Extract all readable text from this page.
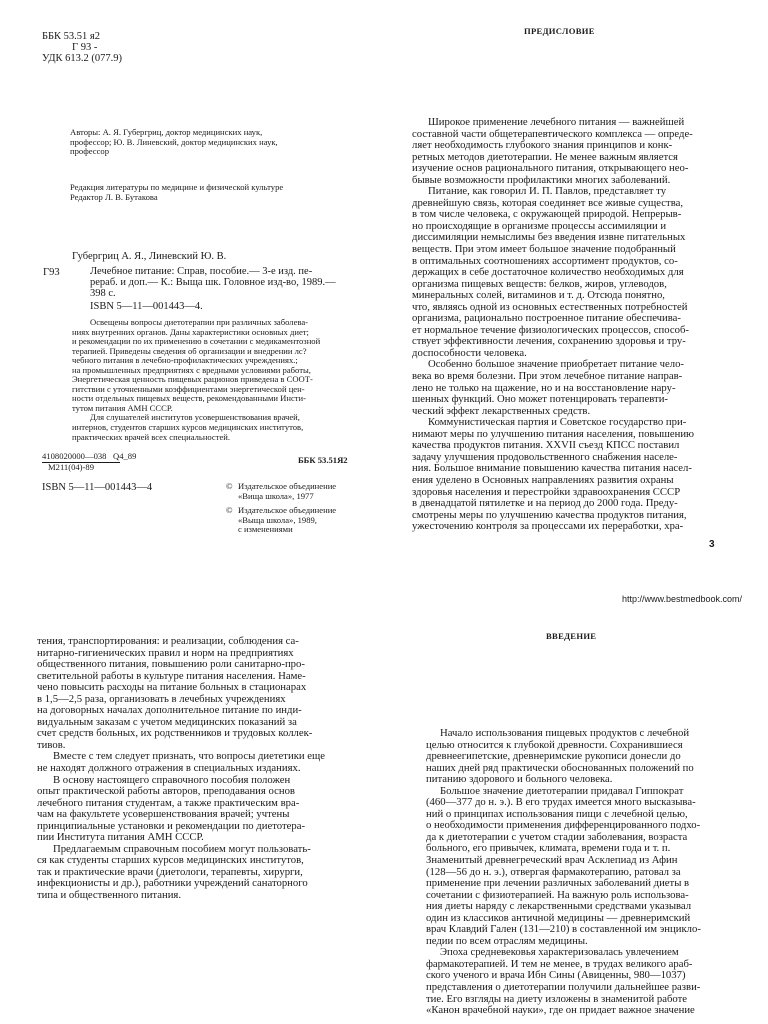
ББК 53.51 я2
Г 93 -
УДК 613.2 (077.9)
Авторы: А. Я. Губергриц, доктор медицинских наук,
профессор; Ю. В. Линевский, доктор медицинских наук,
профессор
Редакция литературы по медицине и физической культуре
Редактор Л. В. Бутакова
Губергриц А. Я., Линевский Ю. В.
Г93	Лечебное питание: Справ, пособие.— 3-е изд. пе-
рераб. и доп.— К.: Выща шк. Головное изд-во, 1989.—
398 с.
ISBN 5—11—001443—4.
Освещены вопросы диетотерапии при различных заболева-
ниях внутренних органов. Даны характеристики основных диет;
и рекомендации по их применению в сочетании с медикаментозной
терапией. Приведены сведения об организации и внедрении лс?
чебного питания в лечебно-профилактических учреждениях.;
на промышленных предприятиях с вредными условиями работы,
Энергетическая ценность пищевых рационов приведена в СООТ-
гитствии с уточненными коэффициентами энергетической цен-
ности отдельных пищевых веществ, рекомендованными Инсти-
тутом питания АМН СССР.
Для слушателей институтов усовершенствования врачей,
интернов, студентов старших курсов медицинских институтов,
практических врачей всех специальностей.
4108020000—038 Q4_89
М211(04)-89
ББК 53.51Я2
ISBN 5—11—001443—4	© Издательское объединение
«Вища школа», 1977
© Издательское объединение
«Выща школа», 1989,
с изменениями
ПРЕДИСЛОВИЕ
Широкое применение лечебного питания — важнейшей
составной части общетерапевтического комплекса — опреде-
ляет необходимость глубокого знания принципов и конк-
ретных методов диетотерапии. Не менее важным является
изучение основ рационального питания, открывающего нео-
бывые возможности профилактики многих заболеваний.
Питание, как говорил И. П. Павлов, представляет ту
древнейшую связь, которая соединяет все живые существа,
в том числе человека, с окружающей природой. Непрерыв-
но происходящие в организме процессы ассимиляции и
диссимиляции немыслимы без введения извне питательных
веществ. При этом имеет большое значение подобранный
в оптимальных соотношениях ассортимент продуктов, со-
держащих в себе достаточное количество необходимых для
организма пищевых веществ: белков, жиров, углеводов,
минеральных солей, витаминов и т. д. Отсюда понятно,
что, являясь одной из основных естественных потребностей
организма, рационально построенное питание обеспечива-
ет нормальное течение физиологических процессов, способ-
ствует эффективности лечения, сохранению здоровья и тру-
доспособности человека.
Особенно большое значение приобретает питание чело-
века во время болезни. При этом лечебное питание направ-
лено не только на щажение, но и на восстановление нару-
шенных функций. Оно может потенцировать терапевти-
ческий эффект лекарственных средств.
Коммунистическая партия и Советское государство при-
нимают меры по улучшению питания населения, повышению
качества продуктов питания. XXVII съезд КПСС поставил
задачу улучшения продовольственного снабжения населе-
ния. Большое внимание повышению качества питания насел-
ения уделено в Основных направлениях развития охраны
здоровья населения и перестройки здравоохранения СССР
в двенадцатой пятилетке и на период до 2000 года. Преду-
смотрены меры по улучшению качества продуктов питания,
ужесточению контроля за процессами их переработки, хра-
3
http://www.bestmedbook.com/
тения, транспортирования: и реализации, соблюдения са-
нитарно-гигиенических правил и норм на предприятиях
общественного питания, повышению роли санитарно-про-
светительной работы в культуре питания населения. Наме-
чено повысить расходы на питание больных в стационарах
в 1,5—2,5 раза, организовать в лечебных учреждениях
на договорных началах дополнительное питание по инди-
видуальным заказам с учетом медицинских показаний за
счет средств больных, их родственников и трудовых коллек-
тивов.
Вместе с тем следует признать, что вопросы диететики еще
не находят должного отражения в специальных изданиях.
В основу настоящего справочного пособия положен
опыт практической работы авторов, преподавания основ
лечебного питания студентам, а также практическим вра-
чам на факультете усовершенствования врачей; учтены
принципиальные установки и рекомендации по диетотера-
пии Института питания АМН СССР.
Предлагаемым справочным пособием могут пользовать-
ся как студенты старших курсов медицинских институтов,
так и практические врачи (диетологи, терапевты, хирурги,
инфекционисты и др.), работники учреждений санаторного
типа и общественного питания.
ВВЕДЕНИЕ
Начало использования пищевых продуктов с лечебной
целью относится к глубокой древности. Сохранившиеся
древнеегипетские, древнеримские рукописи донесли до
наших дней ряд практически обоснованных положений по
питанию здорового и больного человека.
Большое значение диетотерапии придавал Гиппократ
(460—377 до н. э.). В его трудах имеется много высказыва-
ний о принципах использования пищи с лечебной целью,
о необходимости применения дифференцированного подхо-
да к диетотерапии с учетом стадии заболевания, возраста
больного, его привычек, климата, времени года и т. п.
Знаменитый древнегреческий врач Асклепиад из Афин
(128—56 до н. э.), отвергая фармакотерапию, ратовал за
применение при лечении различных заболеваний диеты в
сочетании с физиотерапией. На важную роль использова-
ния диеты наряду с лекарственными средствами указывал
один из классиков античной медицины — древнеримский
врач Клавдий Гален (131—210) в составленной им энцикло-
педии по всем отраслям медицины.
Эпоха средневековья характеризовалась увлечением
фармакотерапией. И тем не менее, в трудах великого араб-
ского ученого и врача Ибн Сины (Авиценны, 980—1037)
представления о диетотерапии получили дальнейшее разви-
тие. Его взгляды на диету изложены в знаменитой работе
«Канон врачебной науки», где он придает важное значение
